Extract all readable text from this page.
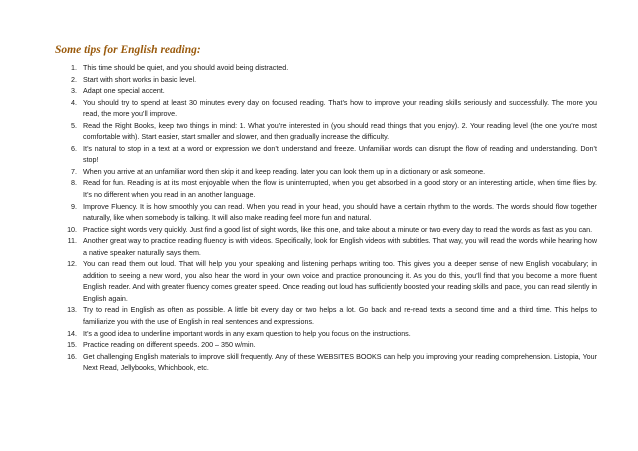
Some tips for English reading:
1. This time should be quiet, and you should avoid being distracted.
2. Start with short works in basic level.
3. Adapt one special accent.
4. You should try to spend at least 30 minutes every day on focused reading. That’s how to improve your reading skills seriously and successfully. The more you read, the more you’ll improve.
5. Read the Right Books, keep two things in mind: 1. What you’re interested in (you should read things that you enjoy). 2. Your reading level (the one you’re most comfortable with). Start easier, start smaller and slower, and then gradually increase the difficulty.
6. It’s natural to stop in a text at a word or expression we don’t understand and freeze. Unfamiliar words can disrupt the flow of reading and understanding. Don’t stop!
7. When you arrive at an unfamiliar word then skip it and keep reading. later you can look them up in a dictionary or ask someone.
8. Read for fun. Reading is at its most enjoyable when the flow is uninterrupted, when you get absorbed in a good story or an interesting article, when time flies by. It’s no different when you read in an another language.
9. Improve Fluency. It is how smoothly you can read. When you read in your head, you should have a certain rhythm to the words. The words should flow together naturally, like when somebody is talking. It will also make reading feel more fun and natural.
10. Practice sight words very quickly. Just find a good list of sight words, like this one, and take about a minute or two every day to read the words as fast as you can.
11. Another great way to practice reading fluency is with videos. Specifically, look for English videos with subtitles. That way, you will read the words while hearing how a native speaker naturally says them.
12. You can read them out loud. That will help you your speaking and listening perhaps writing too. This gives you a deeper sense of new English vocabulary; in addition to seeing a new word, you also hear the word in your own voice and practice pronouncing it. As you do this, you’ll find that you become a more fluent English reader. And with greater fluency comes greater speed. Once reading out loud has sufficiently boosted your reading skills and pace, you can read silently in English again.
13. Try to read in English as often as possible. A little bit every day or two helps a lot. Go back and re-read texts a second time and a third time. This helps to familiarize you with the use of English in real sentences and expressions.
14. It’s a good idea to underline important words in any exam question to help you focus on the instructions.
15. Practice reading on different speeds. 200 – 350 w/min.
16. Get challenging English materials to improve skill frequently. Any of these WEBSITES BOOKS can help you improving your reading comprehension. Listopia, Your Next Read, Jellybooks, Whichbook, etc.
